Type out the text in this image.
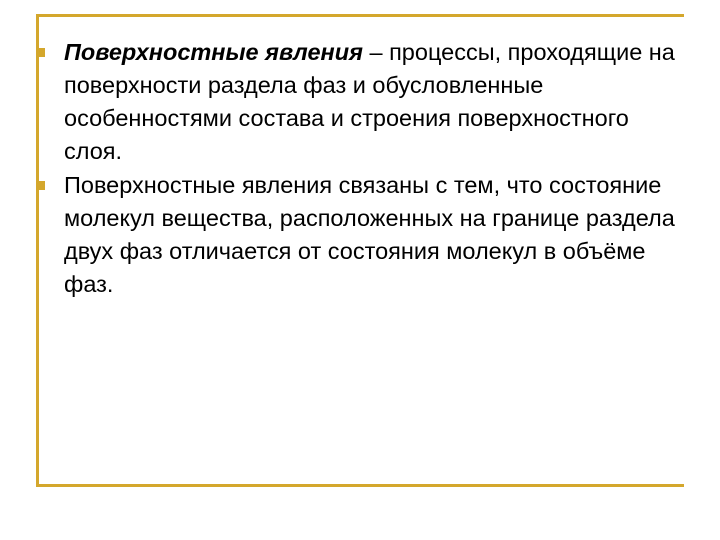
Поверхностные явления – процессы, проходящие на поверхности раздела фаз и обусловленные особенностями состава и строения поверхностного слоя.
Поверхностные явления связаны с тем, что состояние молекул вещества, расположенных на границе раздела двух фаз отличается от состояния молекул в объёме фаз.
